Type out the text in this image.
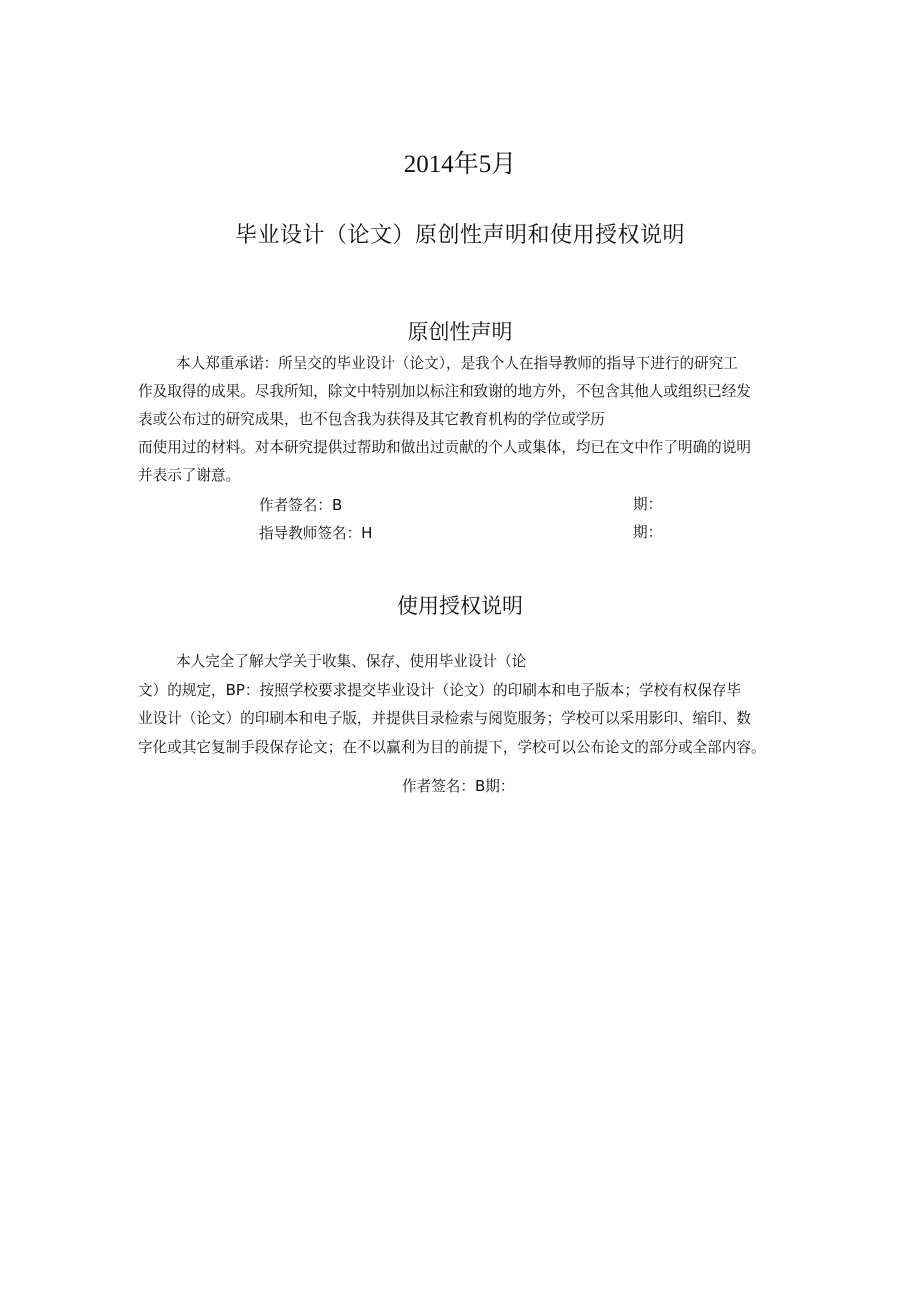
2014年5月
毕业设计（论文）原创性声明和使用授权说明
原创性声明
本人郑重承诺：所呈交的毕业设计（论文），是我个人在指导教师的指导下进行的研究工
作及取得的成果。尽我所知，除文中特别加以标注和致谢的地方外，不包含其他人或组织已经发
表或公布过的研究成果，也不包含我为获得及其它教育机构的学位或学历
而使用过的材料。对本研究提供过帮助和做出过贡献的个人或集体，均已在文中作了明确的说明
并表示了谢意。
作者签名：B	期：
指导教师签名：H	期：
使用授权说明
本人完全了解大学关于收集、保存、使用毕业设计（论
文）的规定，BP：按照学校要求提交毕业设计（论文）的印刷本和电子版本；学校有权保存毕
业设计（论文）的印刷本和电子版，并提供目录检索与阅览服务；学校可以采用影印、缩印、数
字化或其它复制手段保存论文；在不以赢利为目的前提下，学校可以公布论文的部分或全部内容。
作者签名：B期：
